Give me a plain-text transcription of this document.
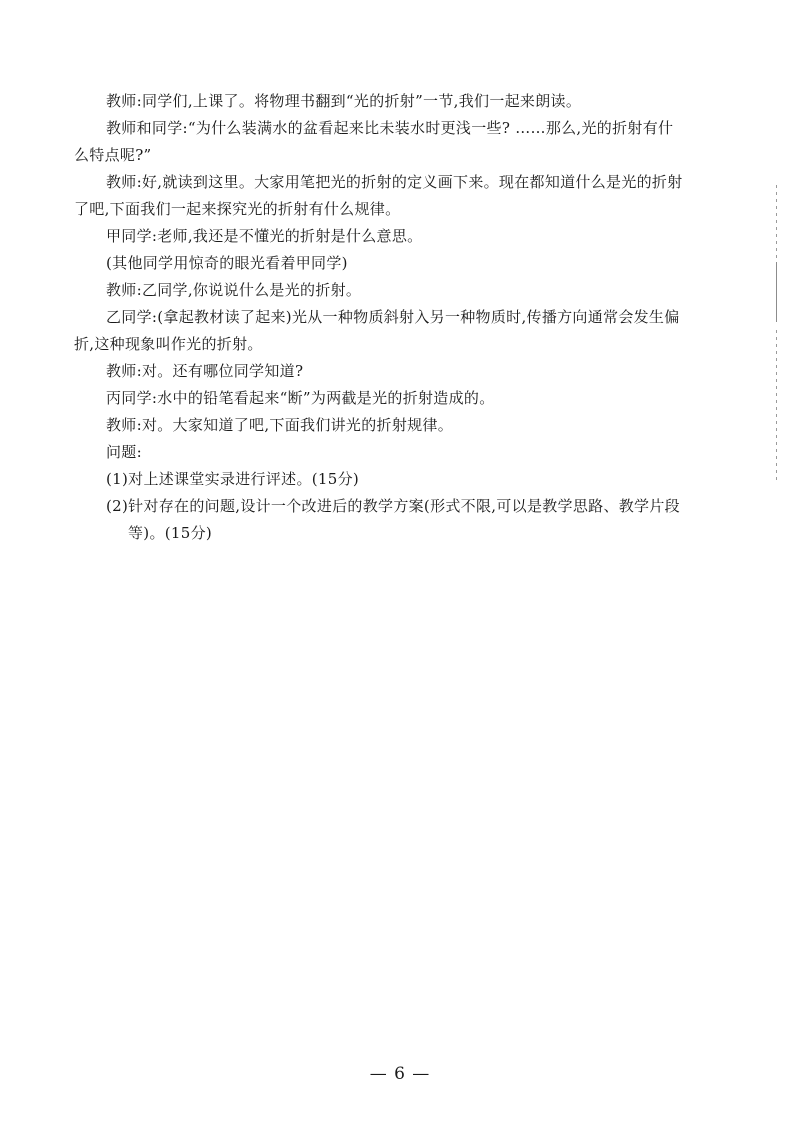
教师:同学们,上课了。将物理书翻到“光的折射”一节,我们一起来朗读。
教师和同学:“为什么装满水的盆看起来比未装水时更浅一些? ……那么,光的折射有什
么特点呢?”
教师:好,就读到这里。大家用笔把光的折射的定义画下来。现在都知道什么是光的折射
了吧,下面我们一起来探究光的折射有什么规律。
甲同学:老师,我还是不懂光的折射是什么意思。
(其他同学用惊奇的眼光看着甲同学)
教师:乙同学,你说说什么是光的折射。
乙同学:(拿起教材读了起来)光从一种物质斜射入另一种物质时,传播方向通常会发生偏
折,这种现象叫作光的折射。
教师:对。还有哪位同学知道?
丙同学:水中的铅笔看起来“断”为两截是光的折射造成的。
教师:对。大家知道了吧,下面我们讲光的折射规律。
问题:
(1)对上述课堂实录进行评述。(15分)
(2)针对存在的问题,设计一个改进后的教学方案(形式不限,可以是教学思路、教学片段
等)。(15分)
— 6 —
